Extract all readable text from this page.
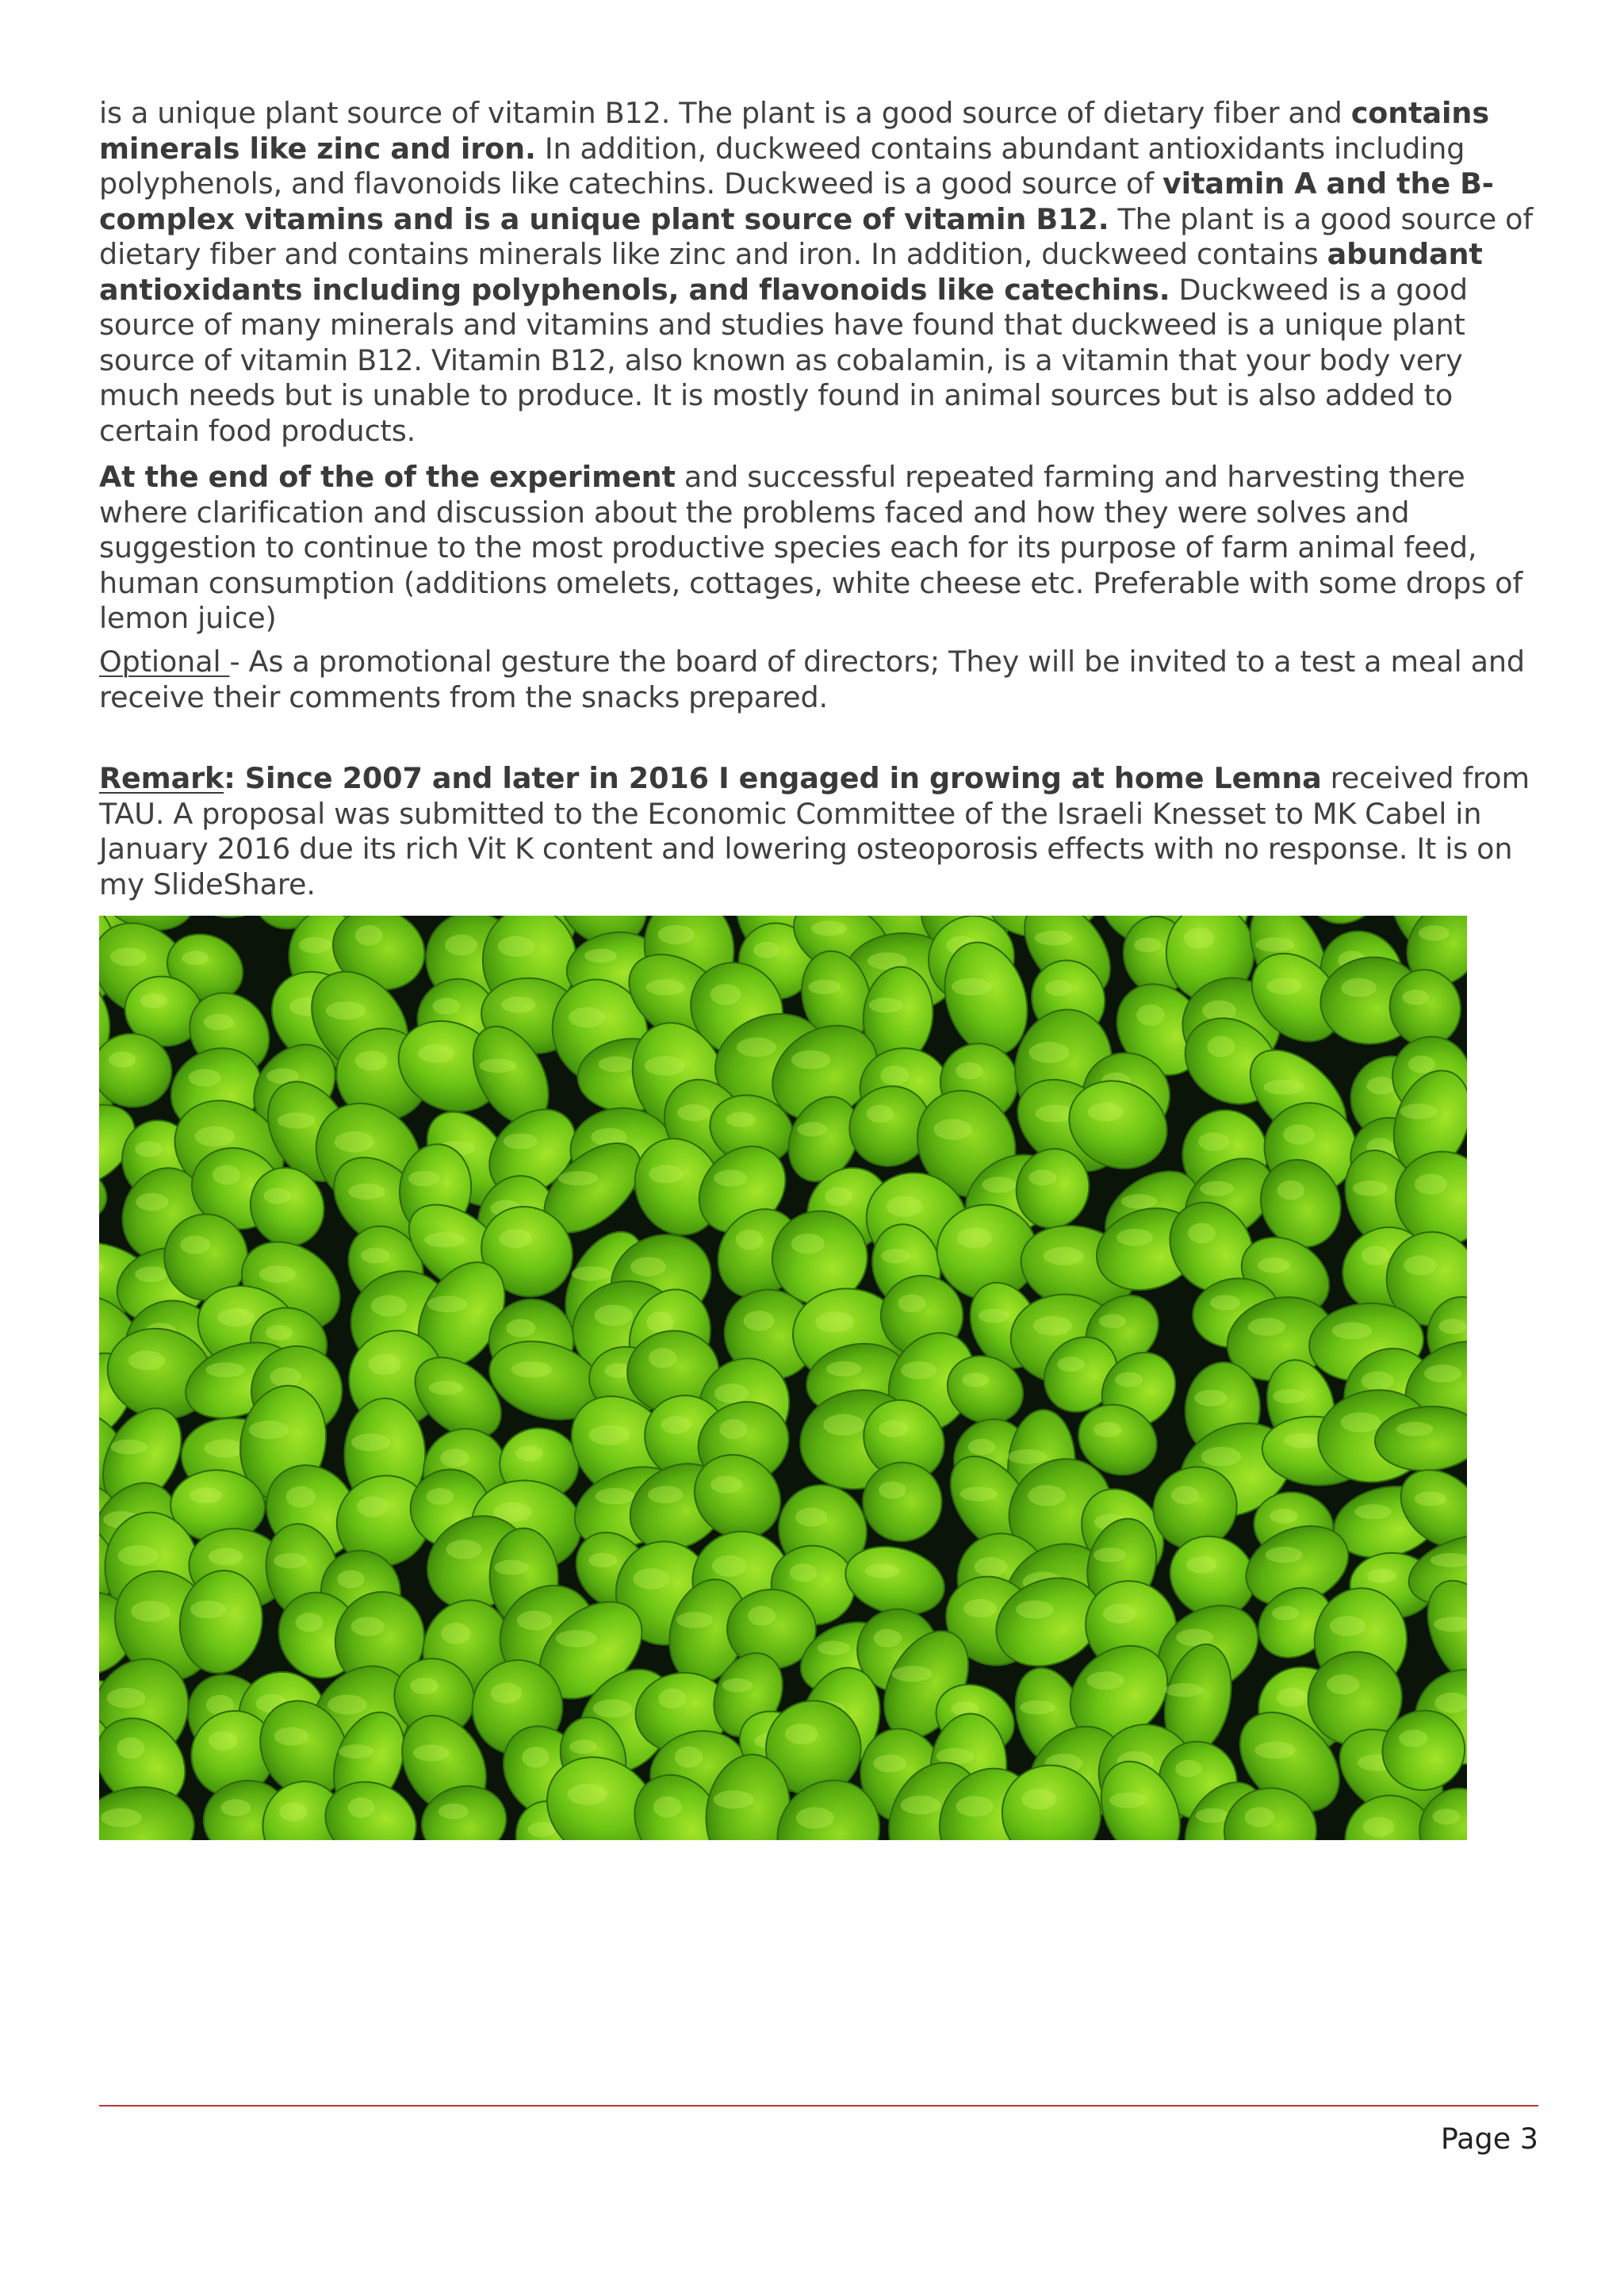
is a unique plant source of vitamin B12. The plant is a good source of dietary fiber and contains minerals like zinc and iron. In addition, duckweed contains abundant antioxidants including polyphenols, and flavonoids like catechins. Duckweed is a good source of vitamin A and the B-complex vitamins and is a unique plant source of vitamin B12. The plant is a good source of dietary fiber and contains minerals like zinc and iron. In addition, duckweed contains abundant antioxidants including polyphenols, and flavonoids like catechins. Duckweed is a good source of many minerals and vitamins and studies have found that duckweed is a unique plant source of vitamin B12. Vitamin B12, also known as cobalamin, is a vitamin that your body very much needs but is unable to produce. It is mostly found in animal sources but is also added to certain food products.

At the end of the of the experiment and successful repeated farming and harvesting there where clarification and discussion about the problems faced and how they were solves and suggestion to continue to the most productive species each for its purpose of farm animal feed, human consumption (additions omelets, cottages, white cheese etc. Preferable with some drops of lemon juice)

Optional - As a promotional gesture the board of directors; They will be invited to a test a meal and receive their comments from the snacks prepared.

Remark: Since 2007 and later in 2016 I engaged in growing at home Lemna received from TAU. A proposal was submitted to the Economic Committee of the Israeli Knesset to MK Cabel in January 2016 due its rich Vit K content and lowering osteoporosis effects with no response. It is on my SlideShare.

Page 3
